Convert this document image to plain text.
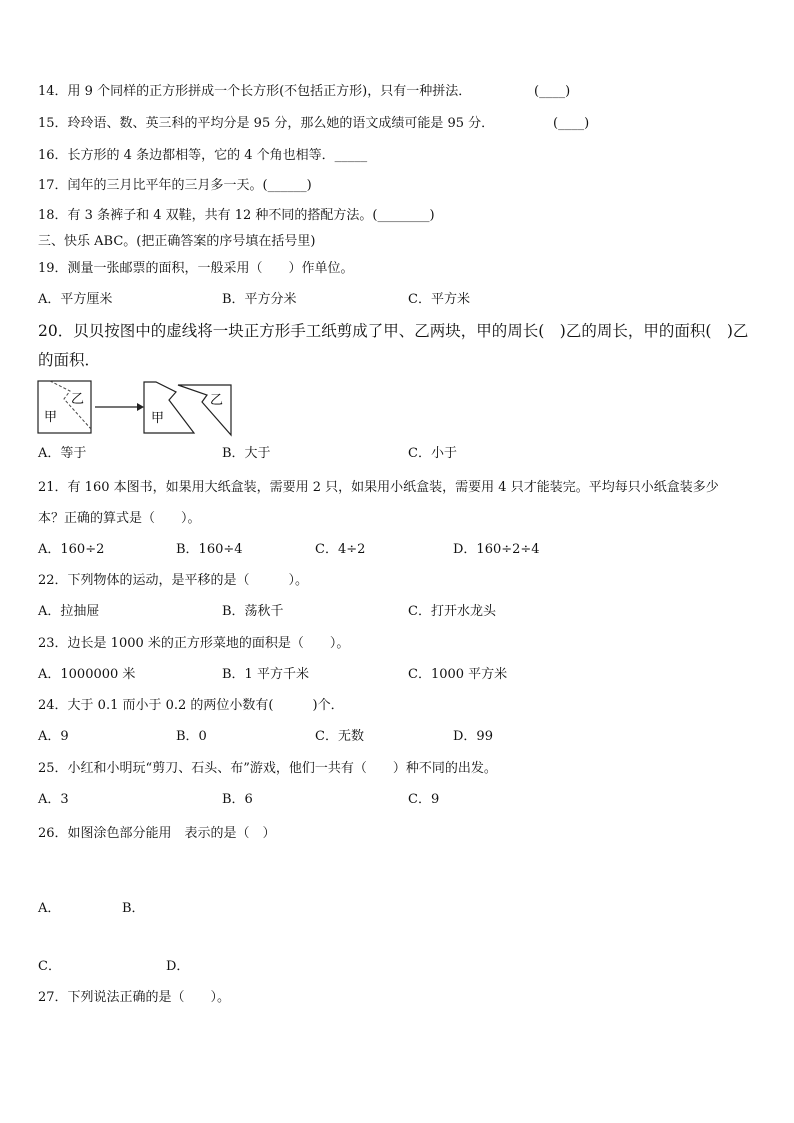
14．用 9 个同样的正方形拼成一个长方形(不包括正方形)，只有一种拼法．	(____)
15．玲玲语、数、英三科的平均分是 95 分，那么她的语文成绩可能是 95 分．	(____)
16．长方形的 4 条边都相等，它的 4 个角也相等．_____
17．闰年的三月比平年的三月多一天。(______)
18．有 3 条裤子和 4 双鞋，共有 12 种不同的搭配方法。(________)
三、快乐 ABC。(把正确答案的序号填在括号里)
19．测量一张邮票的面积，一般采用（　　）作单位。
A．平方厘米	B．平方分米	C．平方米
20．贝贝按图中的虚线将一块正方形手工纸剪成了甲、乙两块，甲的周长(　)乙的周长，甲的面积(　)乙
的面积．
甲
乙
甲
乙
A．等于	B．大于	C．小于
21．有 160 本图书，如果用大纸盒装，需要用 2 只，如果用小纸盒装，需要用 4 只才能装完。平均每只小纸盒装多少
本？正确的算式是（　　）。
A．160÷2	B．160÷4	C．4÷2	D．160÷2÷4
22．下列物体的运动，是平移的是（　　　）。
A．拉抽屉	B．荡秋千	C．打开水龙头
23．边长是 1000 米的正方形菜地的面积是（　　）。
A．1000000 米	B．1 平方千米	C．1000 平方米
24．大于 0.1 而小于 0.2 的两位小数有(　　　)个．
A．9	B．0	C．无数	D．99
25．小红和小明玩“剪刀、石头、布”游戏，他们一共有（　　）种不同的出发。
A．3	B．6	C．9
26．如图涂色部分能用　表示的是（　）
A．	B．
C．	D．
27．下列说法正确的是（　　）。
